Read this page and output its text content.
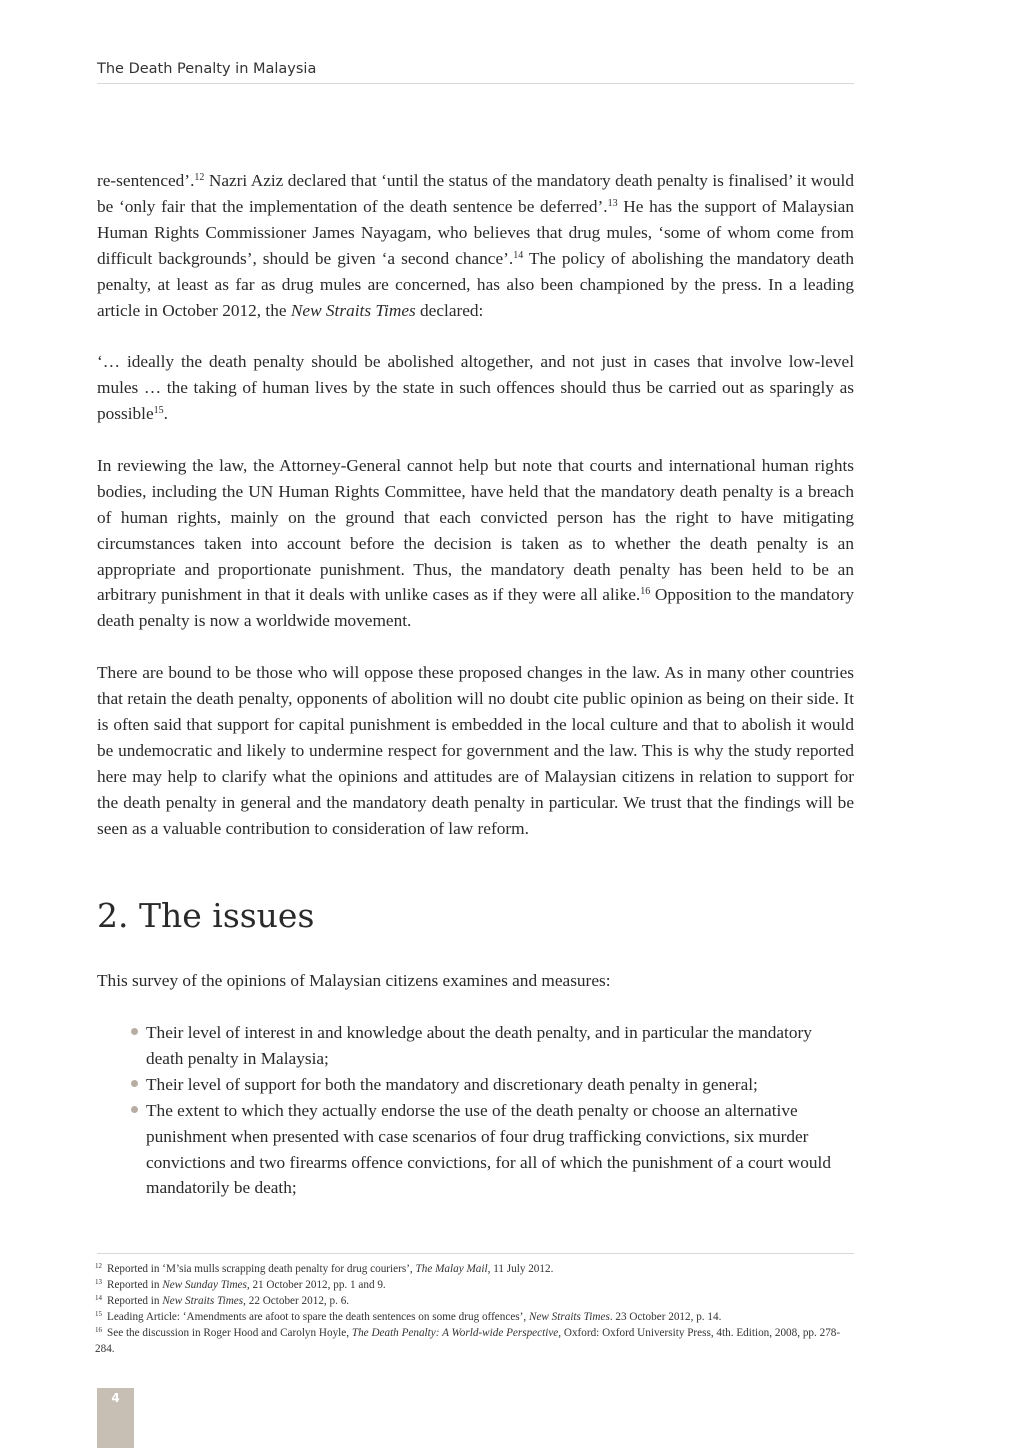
The Death Penalty in Malaysia

re-sentenced’.$^{12}$ Nazri Aziz declared that ‘until the status of the mandatory death penalty is finalised’ it would be ‘only fair that the implementation of the death sentence be deferred’.$^{13}$ He has the support of Malaysian Human Rights Commissioner James Nayagam, who believes that drug mules, ‘some of whom come from difficult backgrounds’, should be given ‘a second chance’.$^{14}$ The policy of abolishing the mandatory death penalty, at least as far as drug mules are concerned, has also been championed by the press. In a leading article in October 2012, the New Straits Times declared:

‘… ideally the death penalty should be abolished altogether, and not just in cases that involve low-level mules … the taking of human lives by the state in such offences should thus be carried out as sparingly as possible$^{15}$.

In reviewing the law, the Attorney-General cannot help but note that courts and international human rights bodies, including the UN Human Rights Committee, have held that the mandatory death penalty is a breach of human rights, mainly on the ground that each convicted person has the right to have mitigating circumstances taken into account before the decision is taken as to whether the death penalty is an appropriate and proportionate punishment. Thus, the mandatory death penalty has been held to be an arbitrary punishment in that it deals with unlike cases as if they were all alike.$^{16}$ Opposition to the mandatory death penalty is now a worldwide movement.

There are bound to be those who will oppose these proposed changes in the law. As in many other countries that retain the death penalty, opponents of abolition will no doubt cite public opinion as being on their side. It is often said that support for capital punishment is embedded in the local culture and that to abolish it would be undemocratic and likely to undermine respect for government and the law. This is why the study reported here may help to clarify what the opinions and attitudes are of Malaysian citizens in relation to support for the death penalty in general and the mandatory death penalty in particular. We trust that the findings will be seen as a valuable contribution to consideration of law reform.

2. The issues

This survey of the opinions of Malaysian citizens examines and measures:

Their level of interest in and knowledge about the death penalty, and in particular the mandatory death penalty in Malaysia;
Their level of support for both the mandatory and discretionary death penalty in general;
The extent to which they actually endorse the use of the death penalty or choose an alternative punishment when presented with case scenarios of four drug trafficking convictions, six murder convictions and two firearms offence convictions, for all of which the punishment of a court would mandatorily be death;

$^{12}$ Reported in ‘M’sia mulls scrapping death penalty for drug couriers’, The Malay Mail, 11 July 2012.

$^{13}$ Reported in New Sunday Times, 21 October 2012, pp. 1 and 9.

$^{14}$ Reported in New Straits Times, 22 October 2012, p. 6.

$^{15}$ Leading Article: ‘Amendments are afoot to spare the death sentences on some drug offences’, New Straits Times. 23 October 2012, p. 14.

$^{16}$ See the discussion in Roger Hood and Carolyn Hoyle, The Death Penalty: A World-wide Perspective, Oxford: Oxford University Press, 4th. Edition, 2008, pp. 278-284.

4
